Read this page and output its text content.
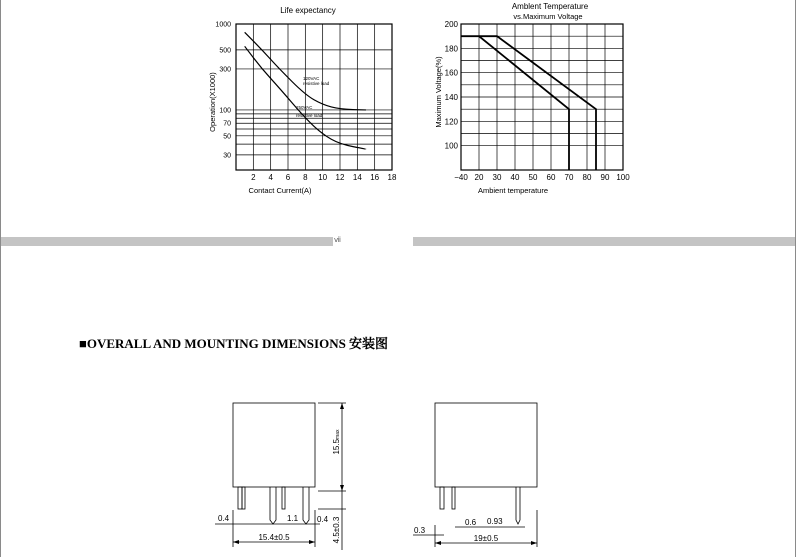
Life expectancy
1000
500
300
100
70
50
30
2 4 6 8 10 12 14 16 18
120VAC
resistive load
250VAC
resistive load
Contact Current(A)
Operation(X1000)
Amblent Temperature
vs.Maximum Voltage
200
180
160
140
120
100
−40 20 30 40 50 60 70 80 90 100
Ambient temperature
Maximum Voltage(%)
ⅶ
■OVERALL AND MOUNTING DIMENSIONS 安装图
15.5max
4.5±0.3
0.4	1.1 0.4
15.4±0.5
0.3
0.6 0.93
19±0.5
